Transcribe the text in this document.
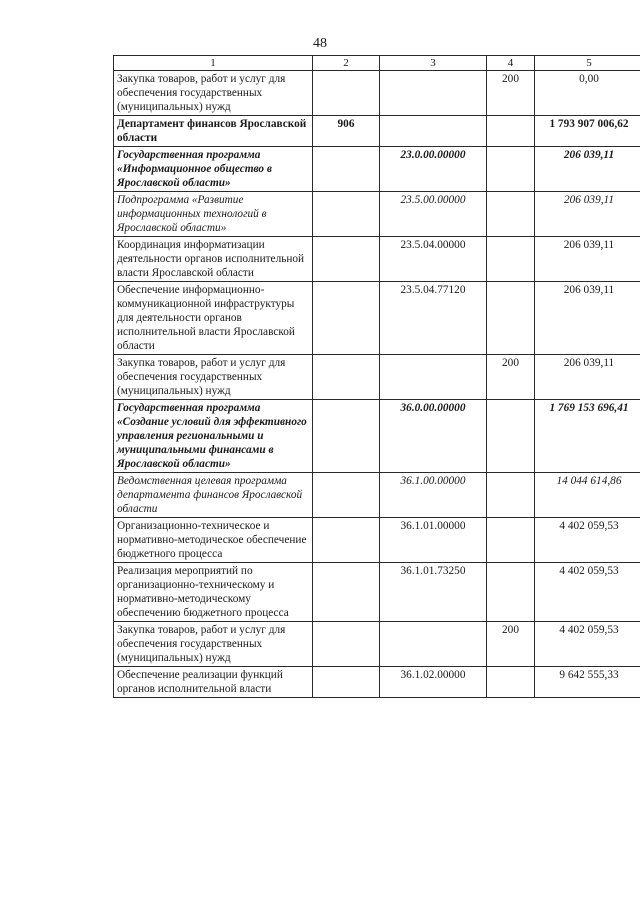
48
1	2	3	4	5
Закупка товаров, работ и услуг для обеспечения государственных (муниципальных) нужд			200	0,00
Департамент финансов Ярославской области	906			1 793 907 006,62
Государственная программа «Информационное общество в Ярославской области»		23.0.00.00000		206 039,11
Подпрограмма «Развитие информационных технологий в Ярославской области»		23.5.00.00000		206 039,11
Координация информатизации деятельности органов исполнительной власти Ярославской области		23.5.04.00000		206 039,11
Обеспечение информационно-коммуникационной инфраструктуры для деятельности органов исполнительной власти Ярославской области		23.5.04.77120		206 039,11
Закупка товаров, работ и услуг для обеспечения государственных (муниципальных) нужд			200	206 039,11
Государственная программа «Создание условий для эффективного управления региональными и муниципальными финансами в Ярославской области»		36.0.00.00000		1 769 153 696,41
Ведомственная целевая программа департамента финансов Ярославской области		36.1.00.00000		14 044 614,86
Организационно-техническое и нормативно-методическое обеспечение бюджетного процесса		36.1.01.00000		4 402 059,53
Реализация мероприятий по организационно-техническому и нормативно-методическому обеспечению бюджетного процесса		36.1.01.73250		4 402 059,53
Закупка товаров, работ и услуг для обеспечения государственных (муниципальных) нужд			200	4 402 059,53
Обеспечение реализации функций органов исполнительной власти		36.1.02.00000		9 642 555,33
